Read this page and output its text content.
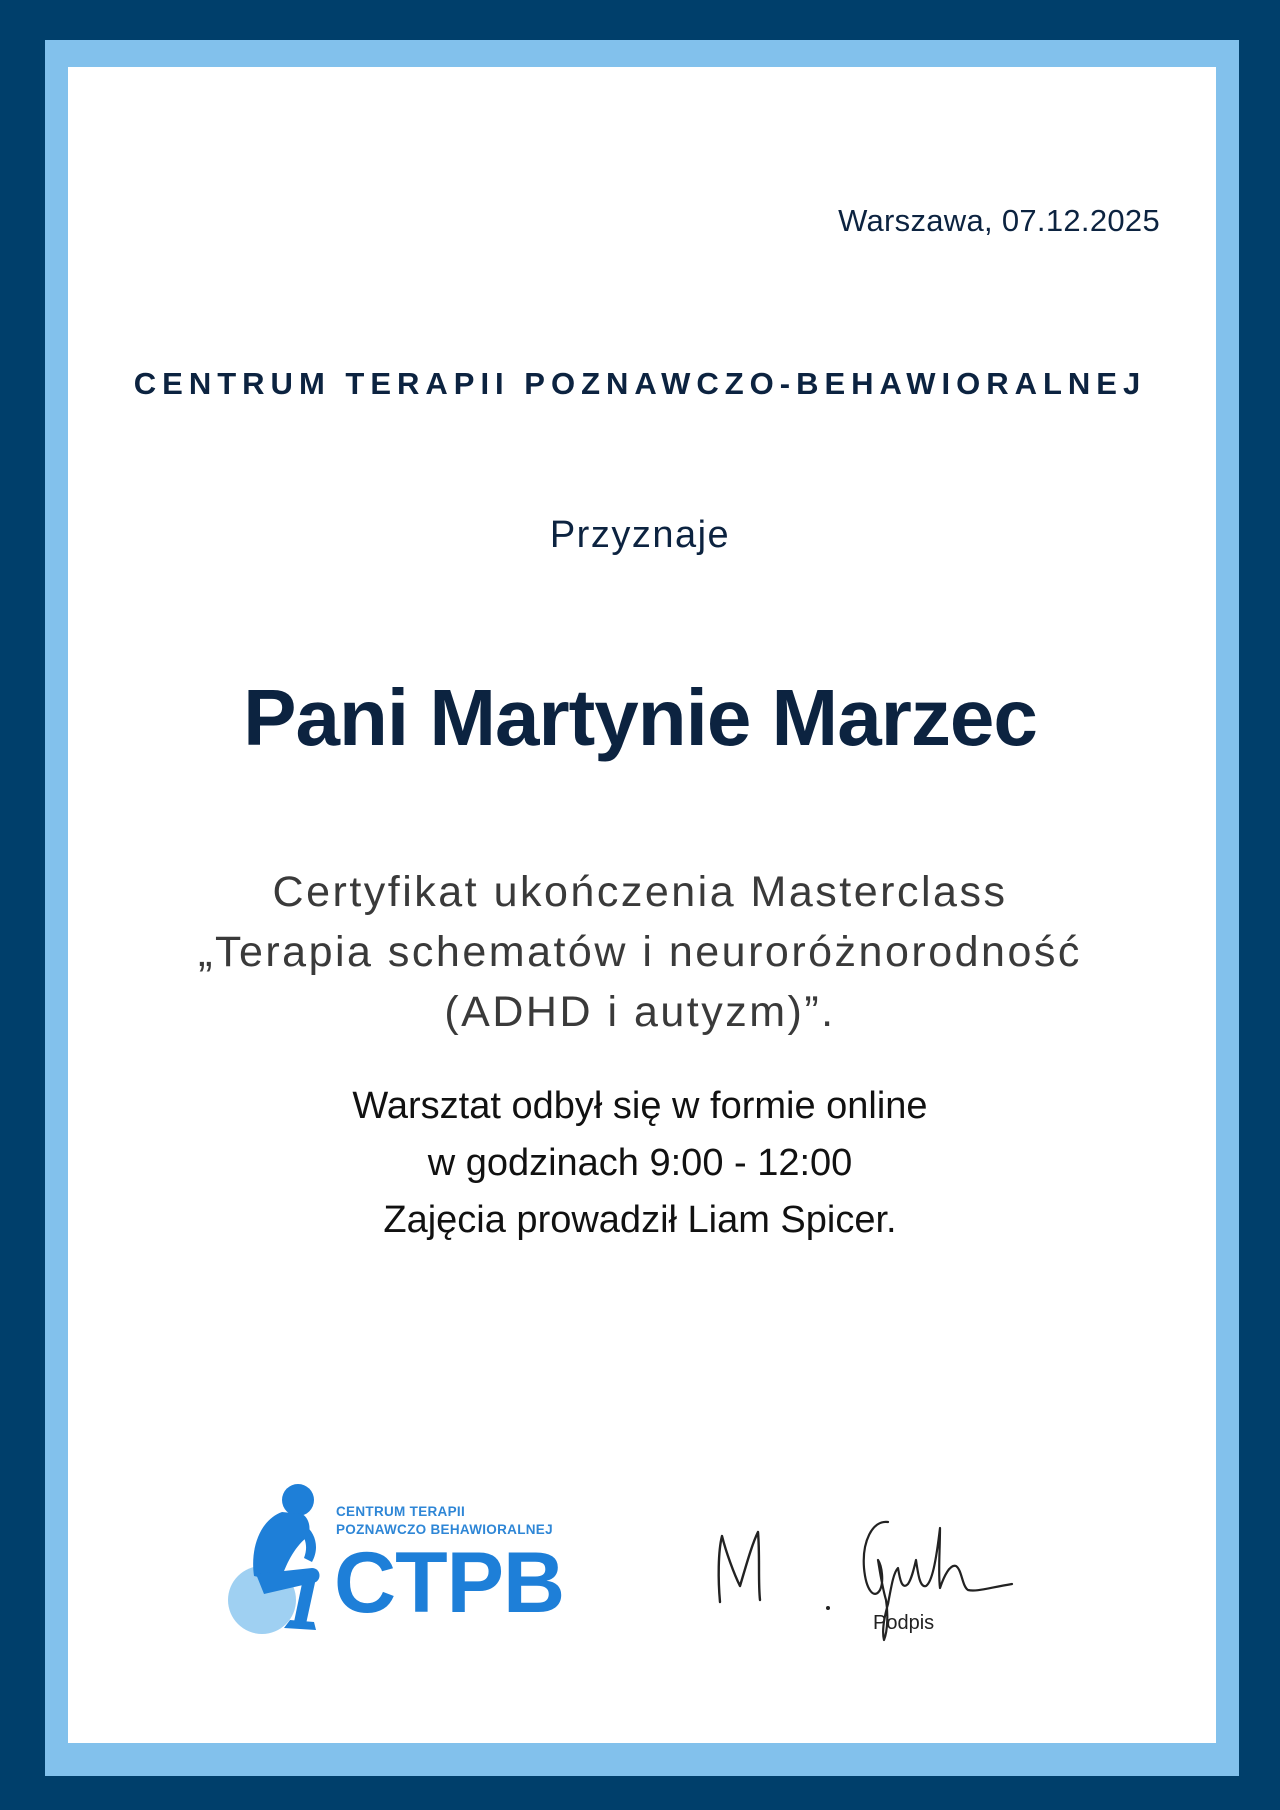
Warszawa, 07.12.2025
CENTRUM TERAPII POZNAWCZO-BEHAWIORALNEJ
Przyznaje
Pani Martynie Marzec
Certyfikat ukończenia Masterclass
„Terapia schematów i neuroróżnorodność
(ADHD i autyzm)”.
Warsztat odbył się w formie online
w godzinach 9:00 - 12:00
Zajęcia prowadził Liam Spicer.
CENTRUM TERAPII
POZNAWCZO BEHAWIORALNEJ
CTPB	Podpis
